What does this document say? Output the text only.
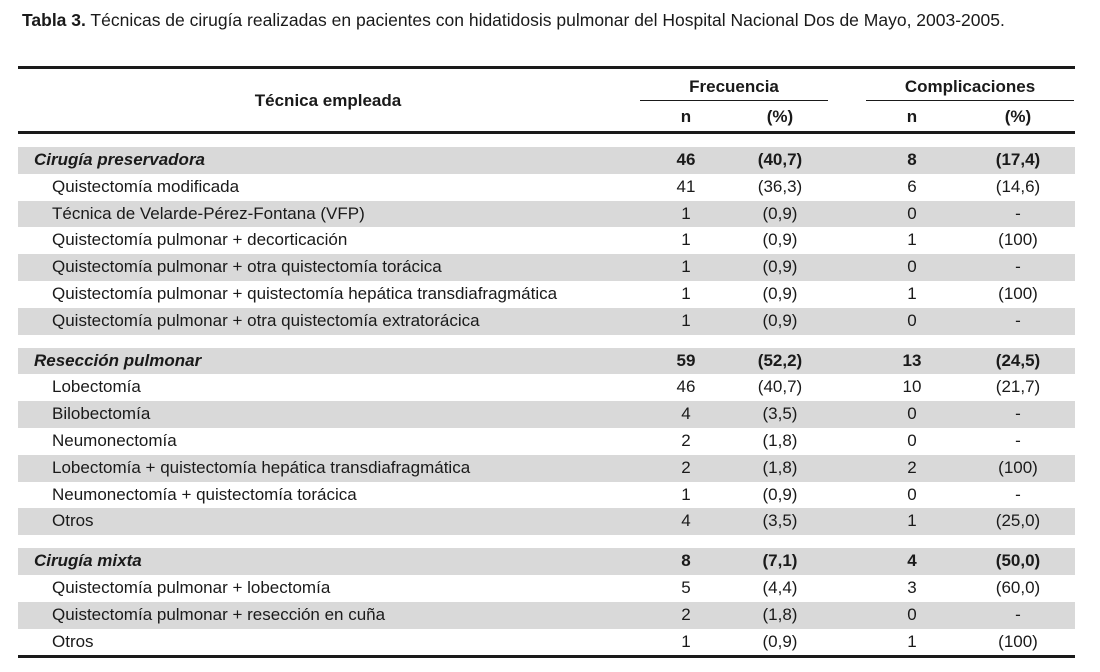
Tabla 3. Técnicas de cirugía realizadas en pacientes con hidatidosis pulmonar del Hospital Nacional Dos de Mayo, 2003-2005.
Técnica empleada
Frecuencia	Complicaciones
n	(%)	n	(%)
Cirugía preservadora	46	(40,7)	8	(17,4)
Quistectomía modificada	41	(36,3)	6	(14,6)
Técnica de Velarde-Pérez-Fontana (VFP)	1	(0,9)	0	-
Quistectomía pulmonar + decorticación	1	(0,9)	1	(100)
Quistectomía pulmonar + otra quistectomía torácica	1	(0,9)	0	-
Quistectomía pulmonar + quistectomía hepática transdiafragmática	1	(0,9)	1	(100)
Quistectomía pulmonar + otra quistectomía extratorácica	1	(0,9)	0	-
Resección pulmonar	59	(52,2)	13	(24,5)
Lobectomía	46	(40,7)	10	(21,7)
Bilobectomía	4	(3,5)	0	-
Neumonectomía	2	(1,8)	0	-
Lobectomía + quistectomía hepática transdiafragmática	2	(1,8)	2	(100)
Neumonectomía + quistectomía torácica	1	(0,9)	0	-
Otros	4	(3,5)	1	(25,0)
Cirugía mixta	8	(7,1)	4	(50,0)
Quistectomía pulmonar + lobectomía	5	(4,4)	3	(60,0)
Quistectomía pulmonar + resección en cuña	2	(1,8)	0	-
Otros	1	(0,9)	1	(100)
